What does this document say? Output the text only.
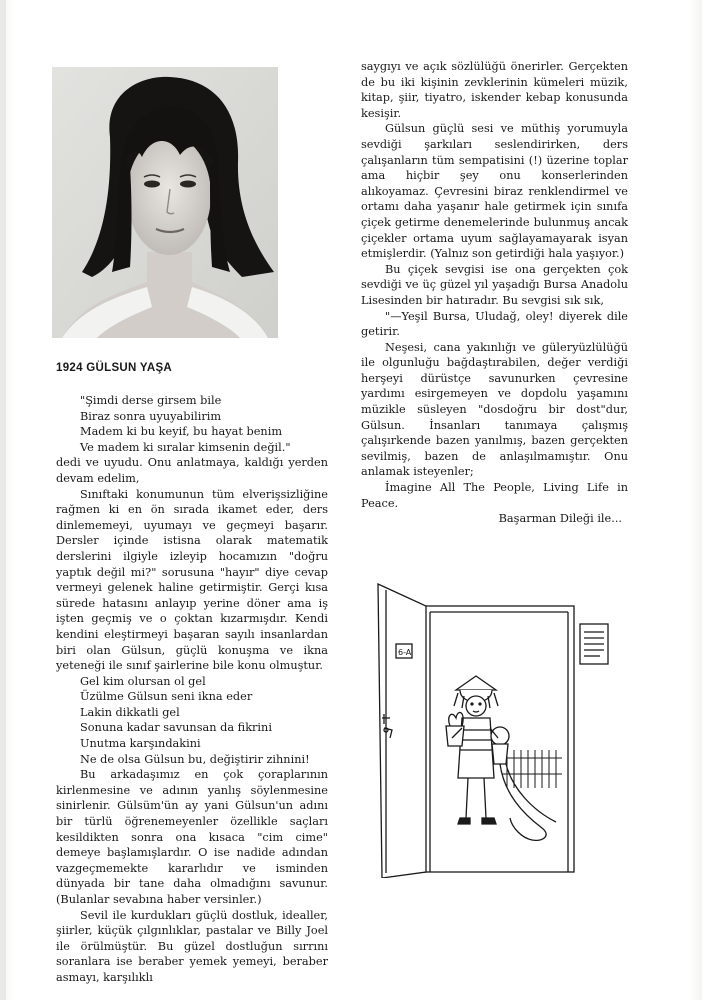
1924 GÜLSUN YAŞA

"Şimdi derse girsem bile

Biraz sonra uyuyabilirim

Madem ki bu keyif, bu hayat benim

Ve madem ki sıralar kimsenin değil."

dedi ve uyudu. Onu anlatmaya, kaldığı yerden devam edelim,

Sınıftaki konumunun tüm elverişsizliğine rağmen ki en ön sırada ikamet eder, ders dinlememeyi, uyumayı ve geçmeyi başarır. Dersler içinde istisna olarak matematik derslerini ilgiyle izleyip hocamızın "doğru yaptık değil mi?" sorusuna "hayır" diye cevap vermeyi gelenek haline getirmiştir. Gerçi kısa sürede hatasını anlayıp yerine döner ama iş işten geçmiş ve o çoktan kızarmışdır. Kendi kendini eleştirmeyi başaran sayılı insanlardan biri olan Gülsun, güçlü konuşma ve ikna yeteneği ile sınıf şairlerine bile konu olmuştur.

Gel kim olursan ol gel

Üzülme Gülsun seni ikna eder

Lakin dikkatli gel

Sonuna kadar savunsan da fikrini

Unutma karşındakini

Ne de olsa Gülsun bu, değiştirir zihnini!

Bu arkadaşımız en çok çoraplarının kirlenmesine ve adının yanlış söylenmesine sinirlenir. Gülsüm'ün ay yani Gülsun'un adını bir türlü öğrenemeyenler özellikle saçları kesildikten sonra ona kısaca "cim cime" demeye başlamışlardır. O ise nadide adından vazgeçmemekte kararlıdır ve isminden dünyada bir tane daha olmadığını savunur. (Bulanlar sevabına haber versinler.)

Sevil ile kurdukları güçlü dostluk, idealler, şiirler, küçük çılgınlıklar, pastalar ve Billy Joel ile örülmüştür. Bu güzel dostluğun sırrını soranlara ise beraber yemek yemeyi, beraber asmayı, karşılıklı

saygıyı ve açık sözlülüğü önerirler. Gerçekten de bu iki kişinin zevklerinin kümeleri müzik, kitap, şiir, tiyatro, iskender kebap konusunda kesişir.

Gülsun güçlü sesi ve müthiş yorumuyla sevdiği şarkıları seslendirirken, ders çalışanların tüm sempatisini (!) üzerine toplar ama hiçbir şey onu konserlerinden alıkoyamaz. Çevresini biraz renklendirmel ve ortamı daha yaşanır hale getirmek için sınıfa çiçek getirme denemelerinde bulunmuş ancak çiçekler ortama uyum sağlayamayarak isyan etmişlerdir. (Yalnız son getirdiği hala yaşıyor.)

Bu çiçek sevgisi ise ona gerçekten çok sevdiği ve üç güzel yıl yaşadığı Bursa Anadolu Lisesinden bir hatıradır. Bu sevgisi sık sık,

"—Yeşil Bursa, Uludağ, oley! diyerek dile getirir.

Neşesi, cana yakınlığı ve güleryüzlülüğü ile olgunluğu bağdaştırabilen, değer verdiği herşeyi dürüstçe savunurken çevresine yardımı esirgemeyen ve dopdolu yaşamını müzikle süsleyen "dosdoğru bir dost"dur, Gülsun. İnsanları tanımaya çalışmış çalışırkende bazen yanılmış, bazen gerçekten sevilmiş, bazen de anlaşılmamıştır. Onu anlamak isteyenler;

İmagine All The People, Living Life in Peace.

Başarman Dileği ile...

6-A
